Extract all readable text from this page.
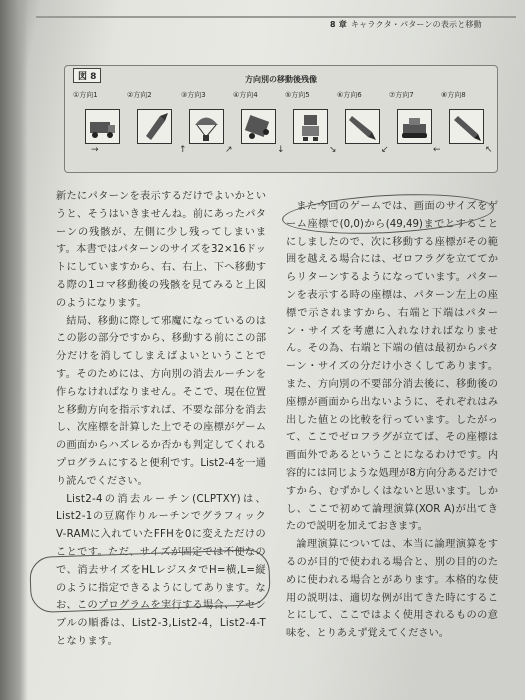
8 章 キャラクタ・パターンの表示と移動
図 8	方向別の移動後残像
①方向1	②方向2	③方向3	④方向4	⑤方向5	⑥方向6	⑦方向7	⑧方向8
→	↑	↗	↓	↘	↙	←	↖

新たにパターンを表示するだけでよいかというと、そうはいきませんね。前にあったパターンの残骸が、左側に少し残ってしまいます。本書ではパターンのサイズを32×16ドットにしていますから、右、右上、下へ移動する際の1コマ移動後の残骸を見てみると上図のようになります。

結局、移動に際して邪魔になっているのはこの影の部分ですから、移動する前にこの部分だけを消してしまえばよいということです。そのためには、方向別の消去ルーチンを作らなければなりません。そこで、現在位置と移動方向を指示すれば、不要な部分を消去し、次座標を計算した上でその座標がゲームの画面からハズレるか否かも判定してくれるプログラムにすると便利です。List2-4を一通り読んでください。

List2-4の消去ルーチン(CLPTXY)は、List2-1の豆腐作りルーチンでグラフィックV-RAMに入れていたFFHを0に変えただけのことです。ただ、サイズが固定では不便なので、消去サイズをHLレジスタでH=横,L=縦のように指定できるようにしてあります。なお、このプログラムを実行する場合、アセンブルの順番は、List2-3,List2-4，List2-4-Tとなります。

また今回のゲームでは、画面のサイズをゲーム座標で(0,0)から(49,49)までとすることにしましたので、次に移動する座標がその範囲を越える場合には、ゼロフラグを立ててからリターンするようになっています。パターンを表示する時の座標は、パターン左上の座標で示されますから、右端と下端はパターン・サイズを考慮に入れなければなりません。その為、右端と下端の値は最初からパターン・サイズの分だけ小さくしてあります。また、方向別の不要部分消去後に、移動後の座標が画面から出ないように、それぞれはみ出した値との比較を行っています。したがって、ここでゼロフラグが立てば、その座標は画面外であるということになるわけです。内容的には同じような処理が8方向分あるだけですから、むずかしくはないと思います。しかし、ここで初めて論理演算(XOR A)が出てきたので説明を加えておきます。

論理演算については、本当に論理演算をするのが目的で使われる場合と、別の目的のために使われる場合とがあります。本格的な使用の説明は、適切な例が出てきた時にすることにして、ここではよく使用されるものの意味を、とりあえず覚えてください。
